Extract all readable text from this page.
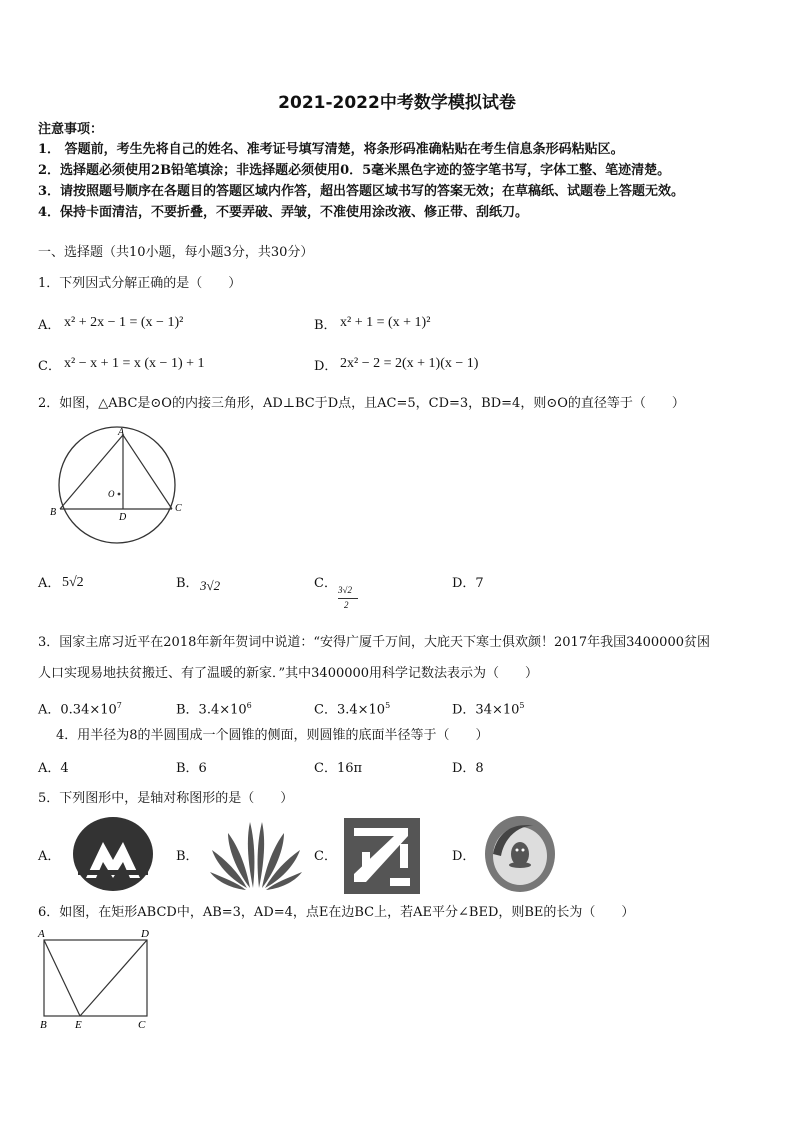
2021-2022中考数学模拟试卷
注意事项：
1． 答题前，考生先将自己的姓名、准考证号填写清楚，将条形码准确粘贴在考生信息条形码粘贴区。
2．选择题必须使用2B铅笔填涂；非选择题必须使用0．5毫米黑色字迹的签字笔书写，字体工整、笔迹清楚。
3．请按照题号顺序在各题目的答题区域内作答，超出答题区域书写的答案无效；在草稿纸、试题卷上答题无效。
4．保持卡面清洁，不要折叠，不要弄破、弄皱，不准使用涂改液、修正带、刮纸刀。
一、选择题（共10小题，每小题3分，共30分）
1．下列因式分解正确的是（　　）
A． x² + 2x − 1 = (x − 1)²	B． x² + 1 = (x + 1)²
C． x² − x + 1 = x (x − 1) + 1	D． 2x² − 2 = 2(x + 1)(x − 1)
2．如图，△ABC是⊙O的内接三角形，AD⊥BC于D点，且AC=5，CD=3，BD=4，则⊙O的直径等于（　　）
A
B	C
D
O
A． 5√2	B． 3√2	C． 3√2
2
D．7
3．国家主席习近平在2018年新年贺词中说道：“安得广厦千万间，大庇天下寒士俱欢颜！2017年我国3400000贫困
人口实现易地扶贫搬迁、有了温暖的新家．”其中3400000用科学记数法表示为（　　）
A．$0.34\times 10^7$	B．$3.4\times 10^6$	C．$3.4\times 10^5$	D．$34\times 10^5$
4．用半径为8的半圆围成一个圆锥的侧面，则圆锥的底面半径等于（　　）
A．4	B．6	C．16π	D．8
5．下列图形中，是轴对称图形的是（　　）
A．	B．	C．	D．
6．如图，在矩形ABCD中，AB=3，AD=4，点E在边BC上，若AE平分∠BED，则BE的长为（　　）
A	D
B	E	C
